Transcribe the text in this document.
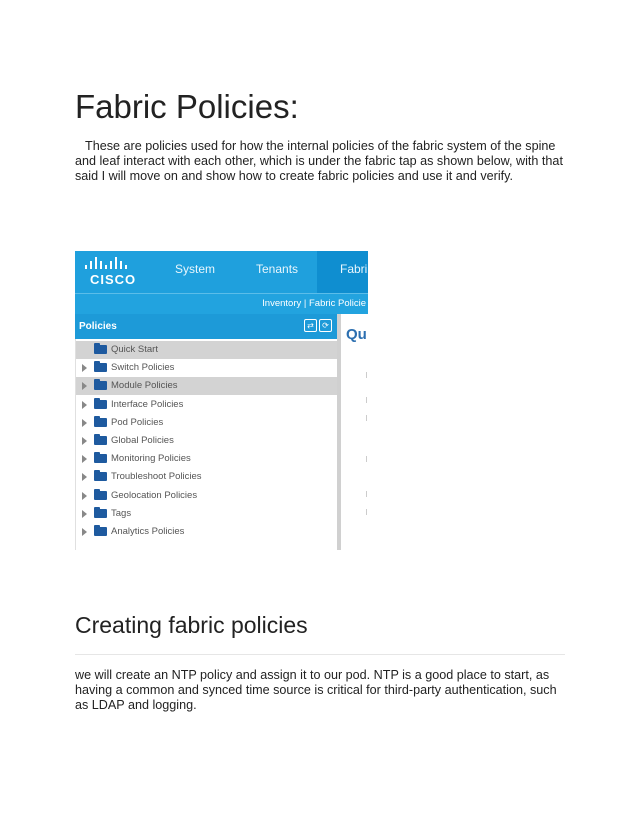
Fabric Policies:

These are policies used for how the internal policies of the fabric system of the spine and leaf interact with each other, which is under the fabric tap as shown below, with that said I will move on and show how to create fabric policies and use it and verify.

CISCO
System	Tenants	Fabri
Inventory | Fabric Policie
Policies	⇄	⟳
Quick Start
Switch Policies
Module Policies
Interface Policies
Pod Policies
Global Policies
Monitoring Policies
Troubleshoot Policies
Geolocation Policies
Tags
Analytics Policies
Qu
Creating fabric policies

we will create an NTP policy and assign it to our pod. NTP is a good place to start, as having a common and synced time source is critical for third-party authentication, such as LDAP and logging.
